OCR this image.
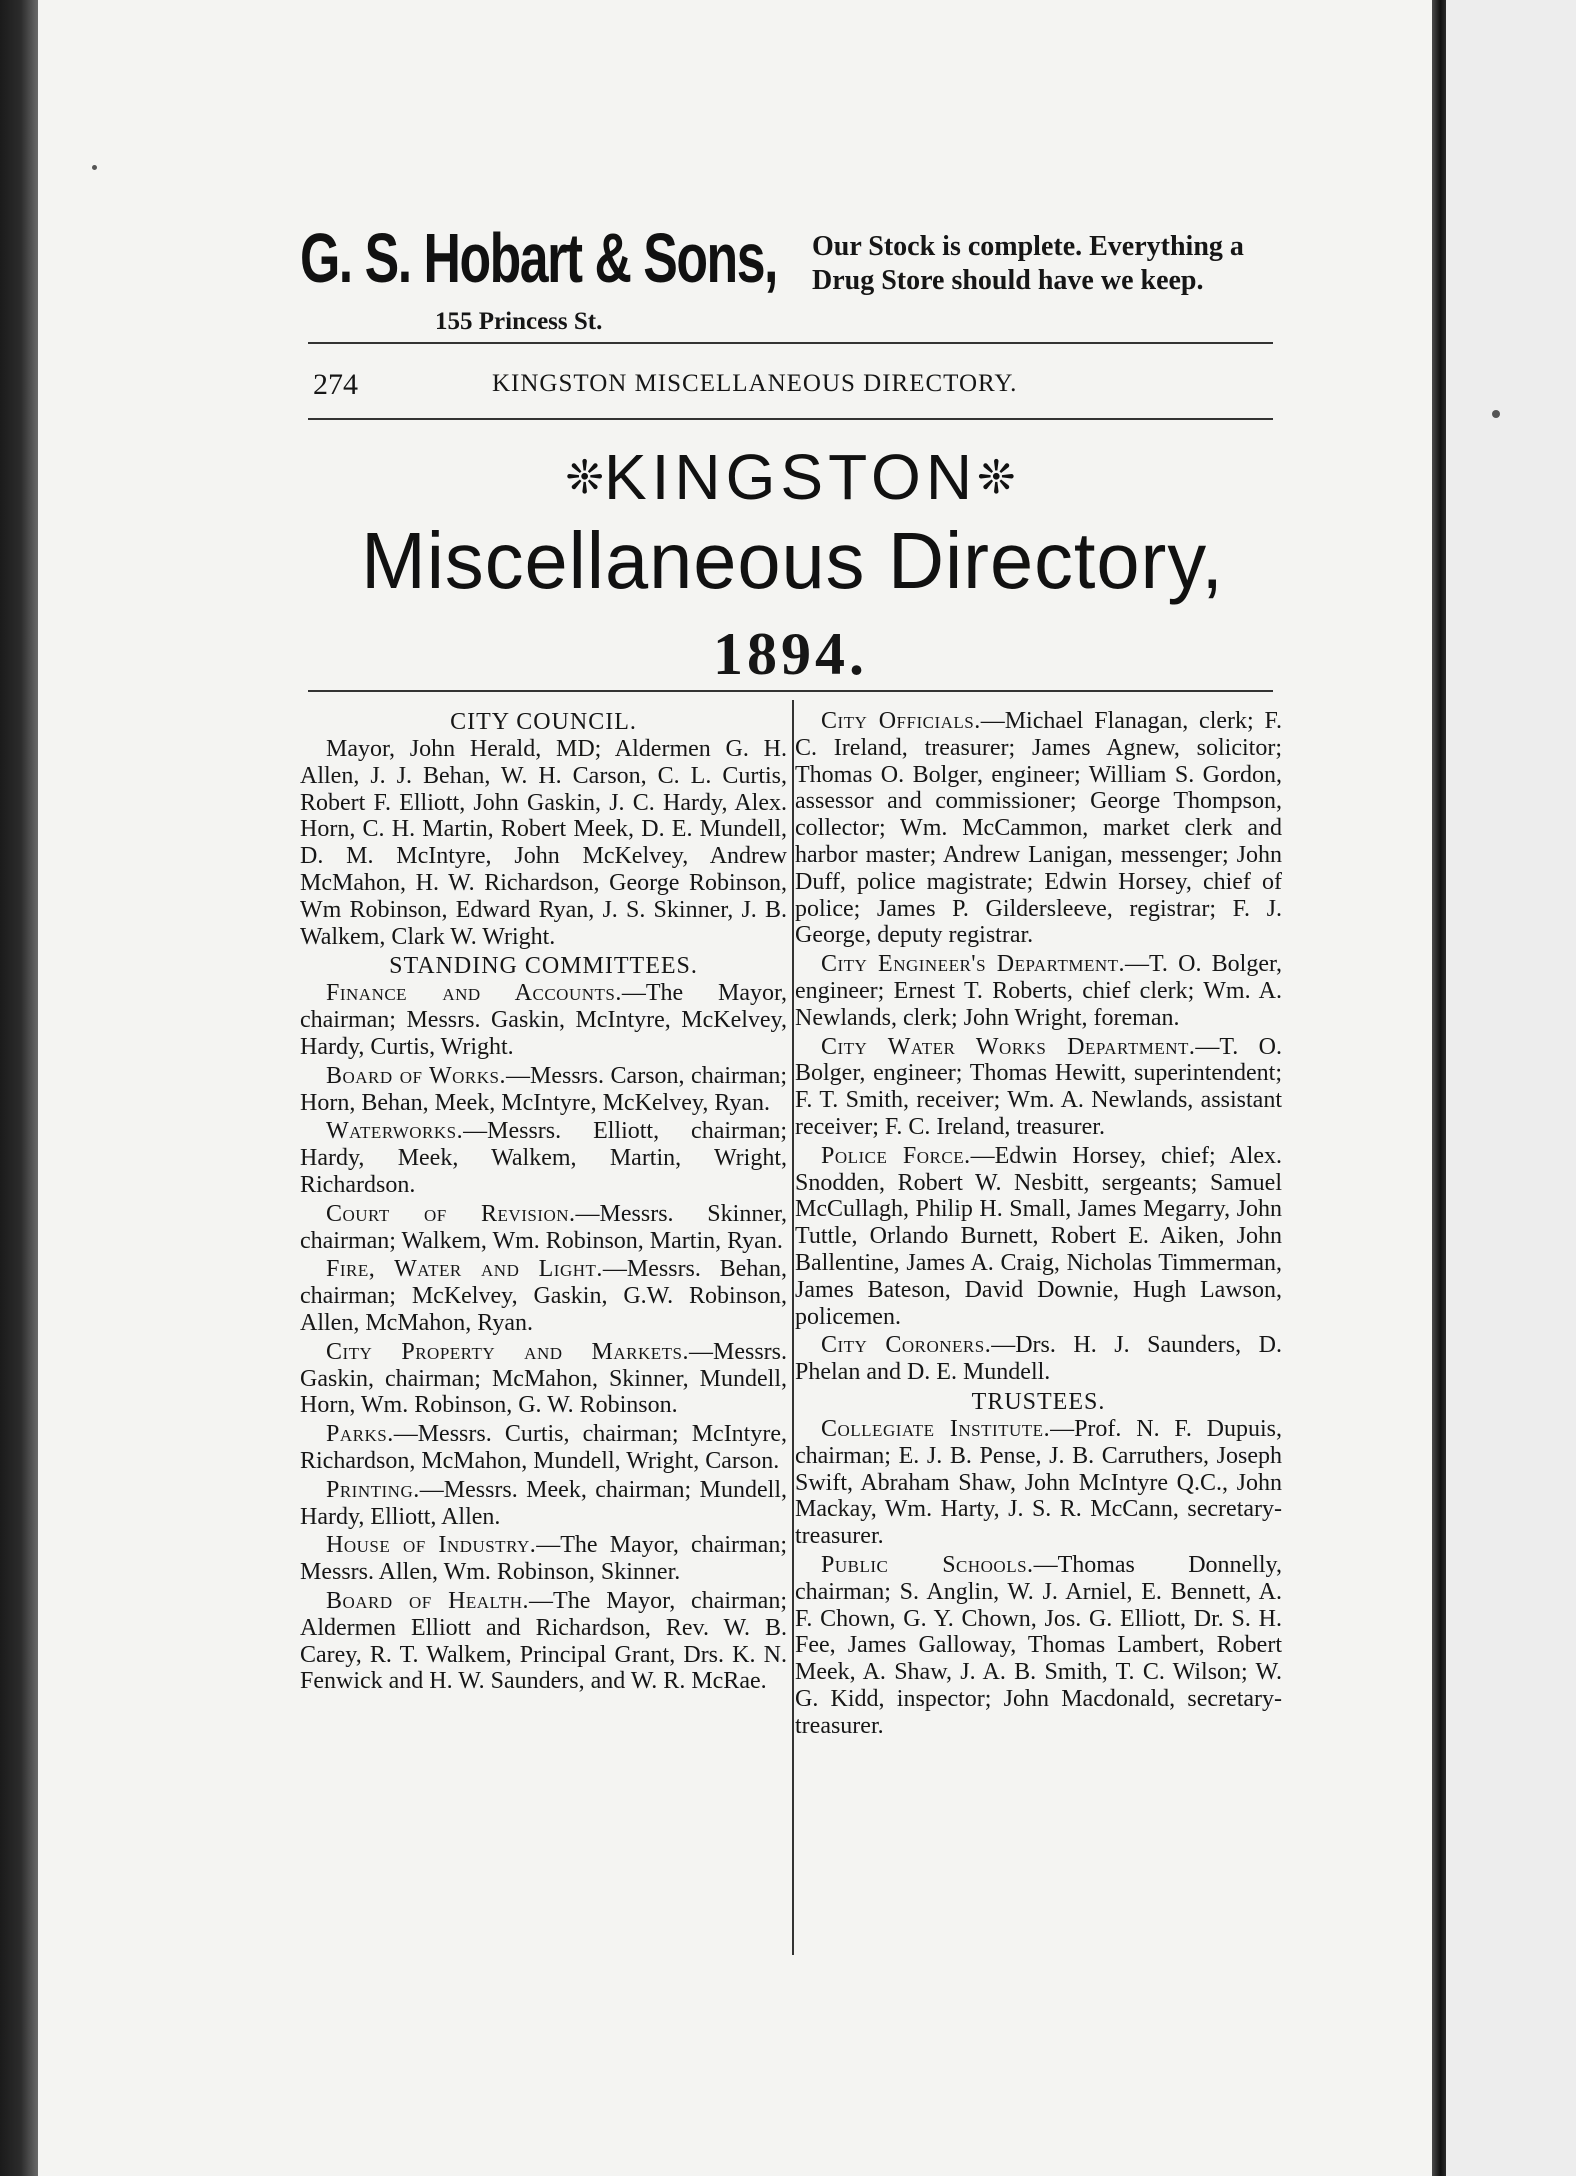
G. S. Hobart & Sons,
155 Princess St.
Our Stock is complete. Everything a Drug Store should have we keep.
274	KINGSTON MISCELLANEOUS DIRECTORY.
❊KINGSTON❊
Miscellaneous Directory,
1894.
CITY COUNCIL.

Mayor, John Herald, MD; Aldermen G. H. Allen, J. J. Behan, W. H. Carson, C. L. Curtis, Robert F. Elliott, John Gaskin, J. C. Hardy, Alex. Horn, C. H. Martin, Robert Meek, D. E. Mundell, D. M. McIntyre, John McKelvey, Andrew McMahon, H. W. Richardson, George Robinson, Wm Robinson, Edward Ryan, J. S. Skinner, J. B. Walkem, Clark W. Wright.

STANDING COMMITTEES.

Finance and Accounts.—The Mayor, chairman; Messrs. Gaskin, McIntyre, McKelvey, Hardy, Curtis, Wright.

Board of Works.—Messrs. Carson, chairman; Horn, Behan, Meek, McIntyre, McKelvey, Ryan.

Waterworks.—Messrs. Elliott, chairman; Hardy, Meek, Walkem, Martin, Wright, Richardson.

Court of Revision.—Messrs. Skinner, chairman; Walkem, Wm. Robinson, Martin, Ryan.

Fire, Water and Light.—Messrs. Behan, chairman; McKelvey, Gaskin, G.W. Robinson, Allen, McMahon, Ryan.

City Property and Markets.—Messrs. Gaskin, chairman; McMahon, Skinner, Mundell, Horn, Wm. Robinson, G. W. Robinson.

Parks.—Messrs. Curtis, chairman; McIntyre, Richardson, McMahon, Mundell, Wright, Carson.

Printing.—Messrs. Meek, chairman; Mundell, Hardy, Elliott, Allen.

House of Industry.—The Mayor, chairman; Messrs. Allen, Wm. Robinson, Skinner.

Board of Health.—The Mayor, chairman; Aldermen Elliott and Richardson, Rev. W. B. Carey, R. T. Walkem, Principal Grant, Drs. K. N. Fenwick and H. W. Saunders, and W. R. McRae.

City Officials.—Michael Flanagan, clerk; F. C. Ireland, treasurer; James Agnew, solicitor; Thomas O. Bolger, engineer; William S. Gordon, assessor and commissioner; George Thompson, collector; Wm. McCammon, market clerk and harbor master; Andrew Lanigan, messenger; John Duff, police magistrate; Edwin Horsey, chief of police; James P. Gildersleeve, registrar; F. J. George, deputy registrar.

City Engineer's Department.—T. O. Bolger, engineer; Ernest T. Roberts, chief clerk; Wm. A. Newlands, clerk; John Wright, foreman.

City Water Works Department.—T. O. Bolger, engineer; Thomas Hewitt, superintendent; F. T. Smith, receiver; Wm. A. Newlands, assistant receiver; F. C. Ireland, treasurer.

Police Force.—Edwin Horsey, chief; Alex. Snodden, Robert W. Nesbitt, sergeants; Samuel McCullagh, Philip H. Small, James Megarry, John Tuttle, Orlando Burnett, Robert E. Aiken, John Ballentine, James A. Craig, Nicholas Timmerman, James Bateson, David Downie, Hugh Lawson, policemen.

City Coroners.—Drs. H. J. Saunders, D. Phelan and D. E. Mundell.

TRUSTEES.

Collegiate Institute.—Prof. N. F. Dupuis, chairman; E. J. B. Pense, J. B. Carruthers, Joseph Swift, Abraham Shaw, John McIntyre Q.C., John Mackay, Wm. Harty, J. S. R. McCann, secretary-treasurer.

Public Schools.—Thomas Donnelly, chairman; S. Anglin, W. J. Arniel, E. Bennett, A. F. Chown, G. Y. Chown, Jos. G. Elliott, Dr. S. H. Fee, James Galloway, Thomas Lambert, Robert Meek, A. Shaw, J. A. B. Smith, T. C. Wilson; W. G. Kidd, inspector; John Macdonald, secretary-treasurer.
